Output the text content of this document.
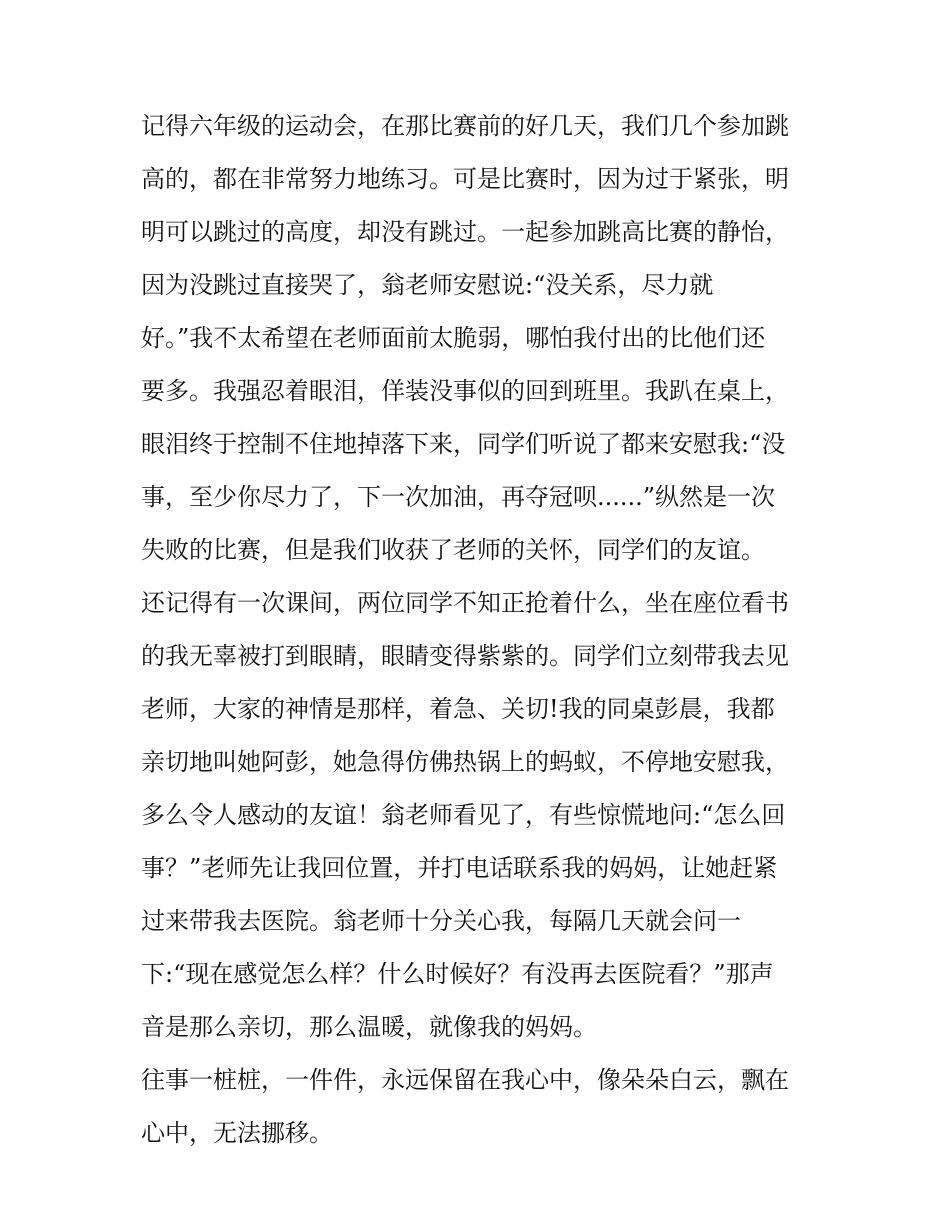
记得六年级的运动会，在那比赛前的好几天，我们几个参加跳
高的，都在非常努力地练习。可是比赛时，因为过于紧张，明
明可以跳过的高度，却没有跳过。一起参加跳高比赛的静怡，
因为没跳过直接哭了，翁老师安慰说:“没关系，尽力就
好。”我不太希望在老师面前太脆弱，哪怕我付出的比他们还
要多。我强忍着眼泪，佯装没事似的回到班里。我趴在桌上，
眼泪终于控制不住地掉落下来，同学们听说了都来安慰我:“没
事，至少你尽力了，下一次加油，再夺冠呗......”纵然是一次
失败的比赛，但是我们收获了老师的关怀，同学们的友谊。
还记得有一次课间，两位同学不知正抢着什么，坐在座位看书
的我无辜被打到眼睛，眼睛变得紫紫的。同学们立刻带我去见
老师，大家的神情是那样，着急、关切!我的同桌彭晨，我都
亲切地叫她阿彭，她急得仿佛热锅上的蚂蚁，不停地安慰我，
多么令人感动的友谊！翁老师看见了，有些惊慌地问:“怎么回
事？”老师先让我回位置，并打电话联系我的妈妈，让她赶紧
过来带我去医院。翁老师十分关心我，每隔几天就会问一
下:“现在感觉怎么样？什么时候好？有没再去医院看？”那声
音是那么亲切，那么温暖，就像我的妈妈。
往事一桩桩，一件件，永远保留在我心中，像朵朵白云，飘在
心中，无法挪移。
